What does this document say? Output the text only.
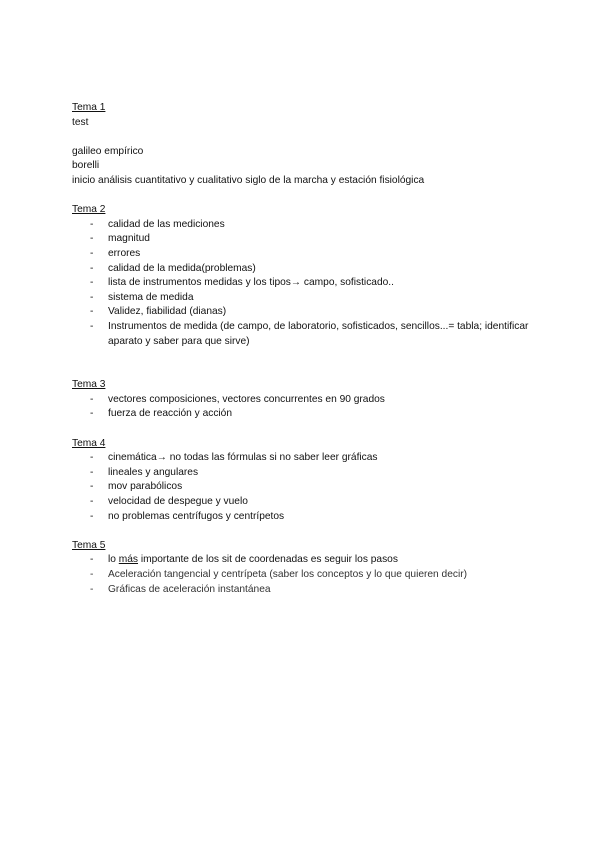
Tema 1
test
galileo empírico
borelli
inicio análisis cuantitativo y cualitativo siglo de la marcha y estación fisiológica
Tema 2
- calidad de las mediciones
- magnitud
- errores
- calidad de la medida(problemas)
- lista de instrumentos medidas y los tipos→ campo, sofisticado..
- sistema de medida
- Validez, fiabilidad (dianas)
- Instrumentos de medida (de campo, de laboratorio, sofisticados, sencillos...= tabla; identificar aparato y saber para que sirve)
Tema 3
- vectores composiciones, vectores concurrentes en 90 grados
- fuerza de reacción y acción
Tema 4
- cinemática→ no todas las fórmulas si no saber leer gráficas
- lineales y angulares
- mov parabólicos
- velocidad de despegue y vuelo
- no problemas centrífugos y centrípetos
Tema 5
- lo más importante de los sit de coordenadas es seguir los pasos
- Aceleración tangencial y centrípeta (saber los conceptos y lo que quieren decir)
- Gráficas de aceleración instantánea
